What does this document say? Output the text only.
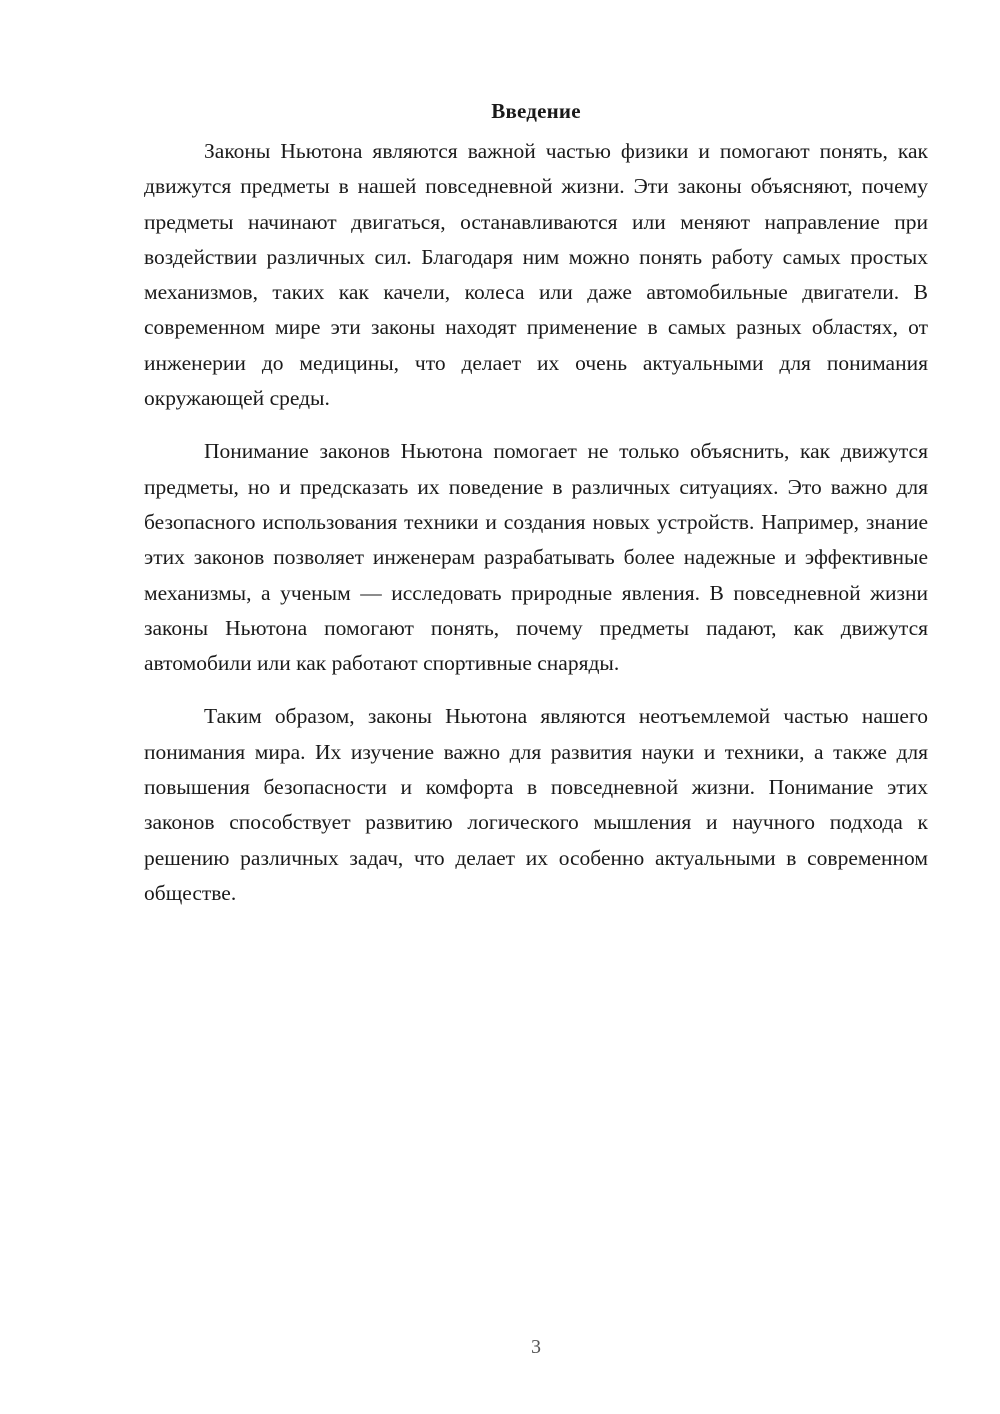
Введение

Законы Ньютона являются важной частью физики и помогают понять, как движутся предметы в нашей повседневной жизни. Эти законы объясняют, почему предметы начинают двигаться, останавливаются или меняют направление при воздействии различных сил. Благодаря ним можно понять работу самых простых механизмов, таких как качели, колеса или даже автомобильные двигатели. В современном мире эти законы находят применение в самых разных областях, от инженерии до медицины, что делает их очень актуальными для понимания окружающей среды.

Понимание законов Ньютона помогает не только объяснить, как движутся предметы, но и предсказать их поведение в различных ситуациях. Это важно для безопасного использования техники и создания новых устройств. Например, знание этих законов позволяет инженерам разрабатывать более надежные и эффективные механизмы, а ученым — исследовать природные явления. В повседневной жизни законы Ньютона помогают понять, почему предметы падают, как движутся автомобили или как работают спортивные снаряды.

Таким образом, законы Ньютона являются неотъемлемой частью нашего понимания мира. Их изучение важно для развития науки и техники, а также для повышения безопасности и комфорта в повседневной жизни. Понимание этих законов способствует развитию логического мышления и научного подхода к решению различных задач, что делает их особенно актуальными в современном обществе.

3
